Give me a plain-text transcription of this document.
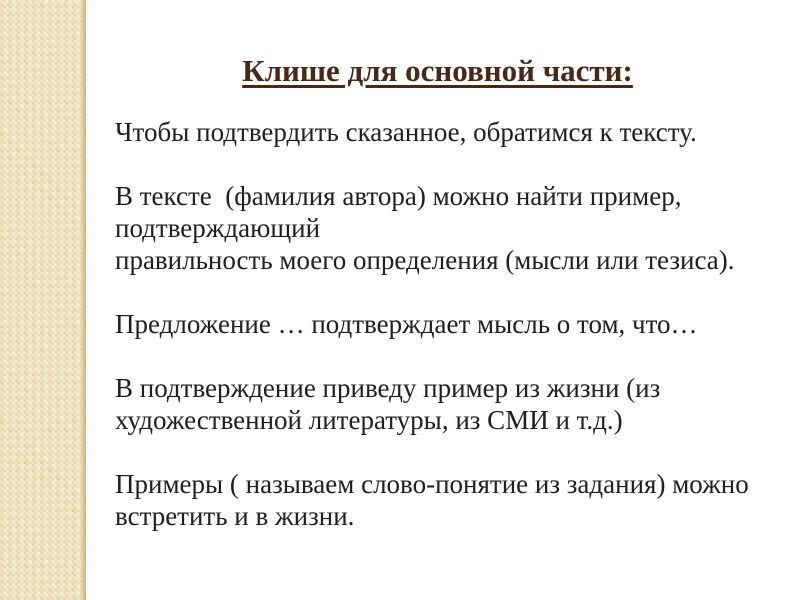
Клише для основной части:
Чтобы подтвердить сказанное, обратимся к тексту.
В тексте  (фамилия автора) можно найти пример,
подтверждающий
правильность моего определения (мысли или тезиса).
Предложение … подтверждает мысль о том, что…
В подтверждение приведу пример из жизни (из
художественной литературы, из СМИ и т.д.)
Примеры ( называем слово-понятие из задания) можно
встретить и в жизни.
